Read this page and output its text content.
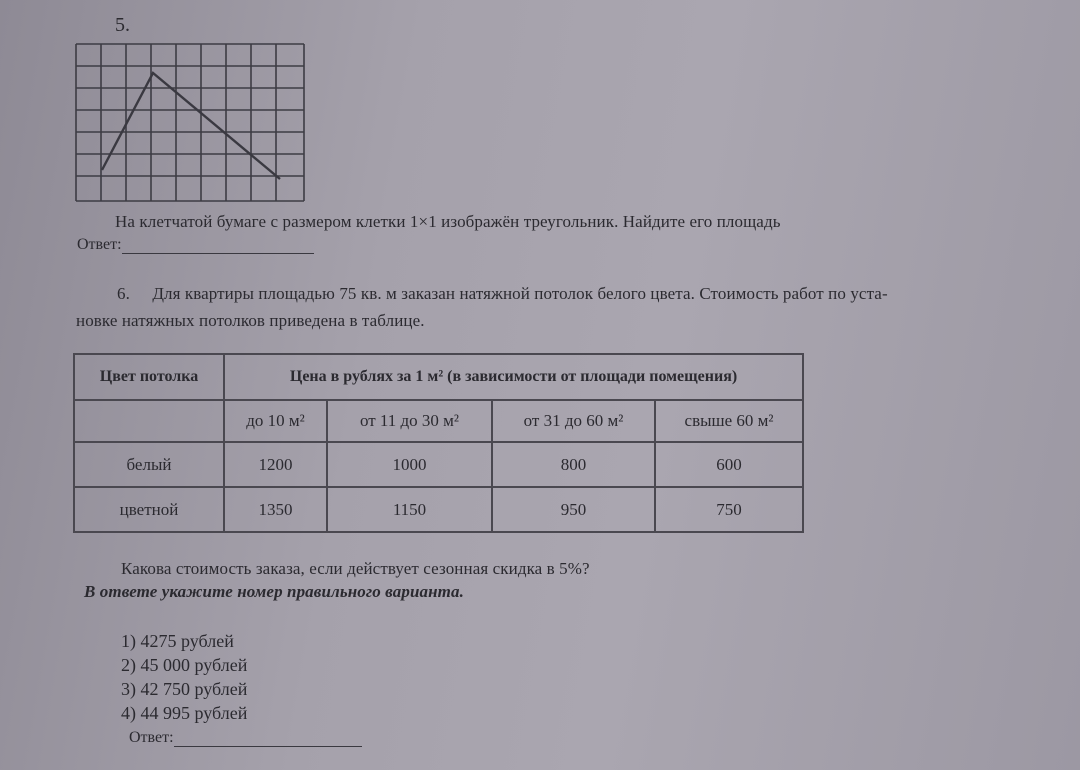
5.
На клетчатой бумаге с размером клетки 1×1 изображён треугольник. Найдите его площадь
Ответ:
6. Для квартиры площадью 75 кв. м заказан натяжной потолок белого цвета. Стоимость работ по уста-
новке натяжных потолков приведена в таблице.
Цвет потолка	Цена в рублях за 1 м² (в зависимости от площади помещения)			
	до 10 м²	от 11 до 30 м²	от 31 до 60 м²	свыше 60 м²
белый	1200	1000	800	600
цветной	1350	1150	950	750
Какова стоимость заказа, если действует сезонная скидка в 5%?
В ответе укажите номер правильного варианта.
1) 4275 рублей
2) 45 000 рублей
3) 42 750 рублей
4) 44 995 рублей
Ответ:
